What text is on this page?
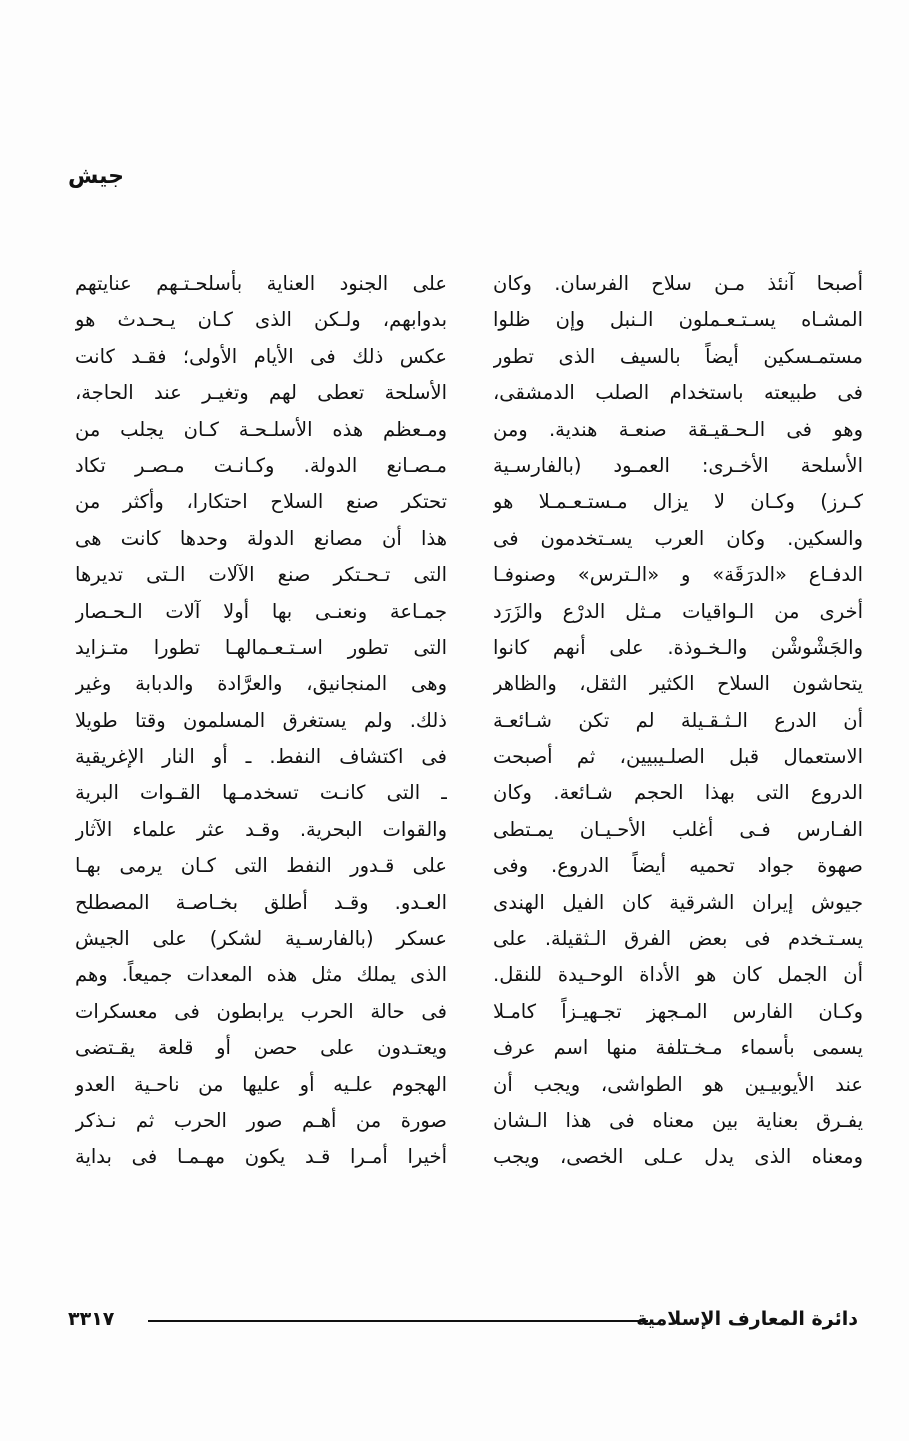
جيش
أصبحا آنئذ مـن سلاح الفرسان. وكان
المشـاه يسـتـعـملون الـنبل وإن ظلوا
مستمـسكين أيضاً بالسيف الذى تطور
فى طبيعته باستخدام الصلب الدمشقى،
وهو فى الـحـقيـقة صنعـة هندية. ومن
الأسلحة الأخـرى: العمـود (بالفارسـية
كـرز) وكـان لا يزال مـستـعـمـلا هو
والسكين. وكان العرب يسـتخدمون فى
الدفـاع «الدرَقَة» و «الـترس» وصنوفـا
أخرى من الـواقيات مـثل الدرْع والزَرَد
والجَشْوشْن والـخـوذة. على أنهم كانوا
يتحاشون السلاح الكثير الثقل، والظاهر
أن الدرع الـثـقـيلة لم تكن شـائعـة
الاستعمال قبل الصلـيبيين، ثم أصبحت
الدروع التى بهذا الحجم شـائعة. وكان
الفـارس فـى أغلب الأحـيـان يمـتطى
صهوة جواد تحميه أيضاً الدروع. وفى
جيوش إيران الشرقية كان الفيل الهندى
يسـتـخدم فى بعض الفرق الـثقيلة. على
أن الجمل كان هو الأداة الوحـيدة للنقل.
وكـان الفارس المـجهز تجـهيـزاً كامـلا
يسمى بأسماء مـخـتلفة منها اسم عرف
عند الأيوبيـين هو الطواشى، ويجب أن
يفـرق بعناية بين معناه فى هذا الـشان
ومعناه الذى يدل عـلى الخصى، ويجب
على الجنود العناية بأسلحـتـهم عنايتهم
بدوابهم، ولـكن الذى كـان يـحـدث هو
عكس ذلك فى الأيام الأولى؛ فقـد كانت
الأسلحة تعطى لهم وتغيـر عند الحاجة،
ومـعظم هذه الأسلـحـة كـان يجلب من
مـصـانع الدولة. وكـانـت مـصـر تكاد
تحتكر صنع السلاح احتكارا، وأكثر من
هذا أن مصانع الدولة وحدها كانت هى
التى تـحـتكر صنع الآلات الـتى تديرها
جمـاعة ونعنـى بها أولا آلات الـحـصار
التى تطور اسـتـعـمالهـا تطورا متـزايد
وهى المنجانيق، والعرَّادة والدبابة وغير
ذلك. ولم يستغرق المسلمون وقتا طويلا
فى اكتشاف النفط. ـ أو النار الإغريقية
ـ التى كانـت تسخدمـها القـوات البرية
والقوات البحرية. وقـد عثر علماء الآثار
على قـدور النفط التى كـان يرمى بهـا
العـدو. وقـد أطلق بخـاصـة المصطلح
عسكر (بالفارسـية لشكر) على الجيش
الذى يملك مثل هذه المعدات جميعاً. وهم
فى حالة الحرب يرابطون فى معسكرات
ويعتـدون على حصن أو قلعة يقـتضى
الهجوم علـيه أو عليها من ناحـية العدو
صورة من أهـم صور الحرب ثم نـذكر
أخيرا أمـرا قـد يكون مهـمـا فى بداية
دائرة المعارف الإسلامية
٣٣١٧
